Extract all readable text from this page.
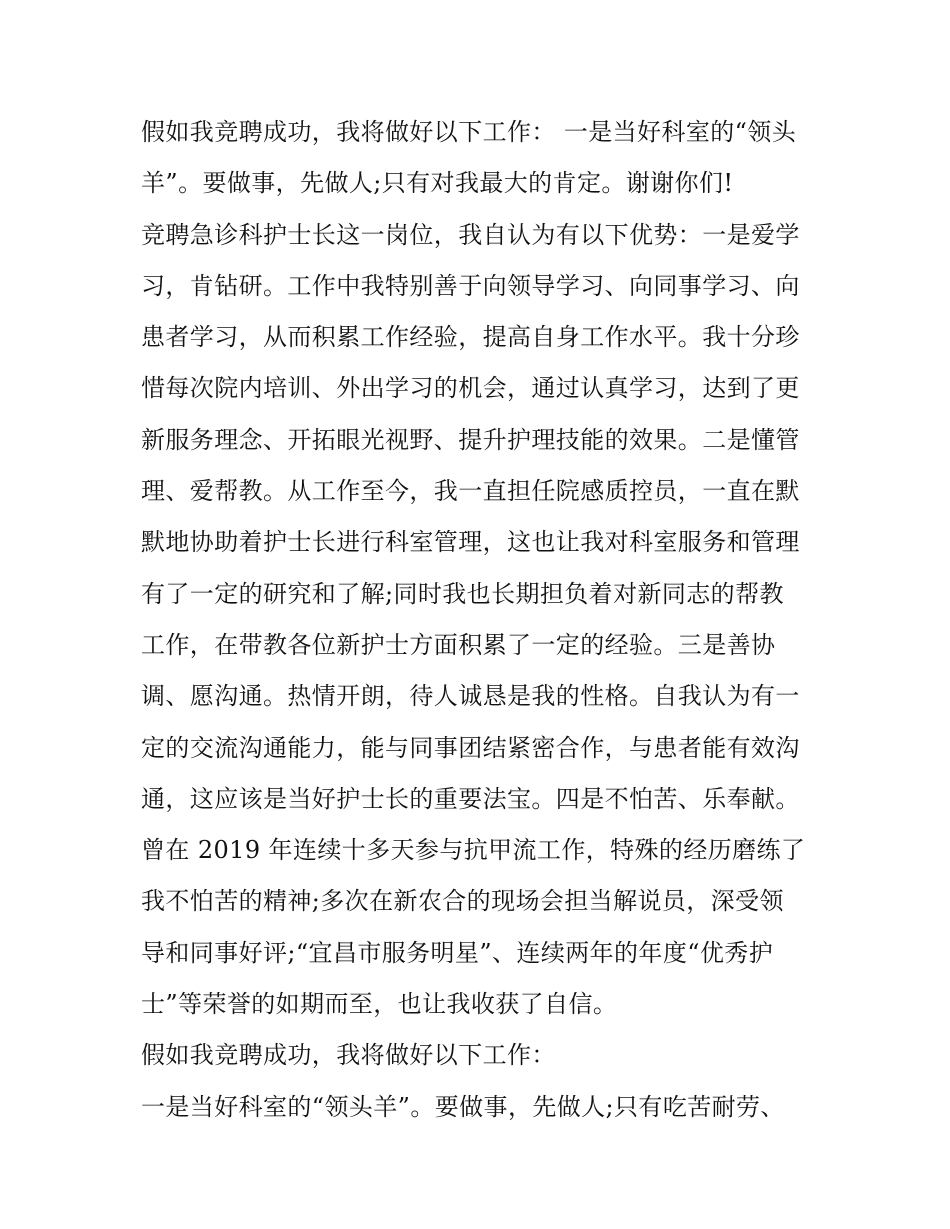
假如我竞聘成功，我将做好以下工作： 一是当好科室的“领头
羊”。要做事，先做人;只有对我最大的肯定。谢谢你们!
竞聘急诊科护士长这一岗位，我自认为有以下优势：一是爱学
习，肯钻研。工作中我特别善于向领导学习、向同事学习、向
患者学习，从而积累工作经验，提高自身工作水平。我十分珍
惜每次院内培训、外出学习的机会，通过认真学习，达到了更
新服务理念、开拓眼光视野、提升护理技能的效果。二是懂管
理、爱帮教。从工作至今，我一直担任院感质控员，一直在默
默地协助着护士长进行科室管理，这也让我对科室服务和管理
有了一定的研究和了解;同时我也长期担负着对新同志的帮教
工作，在带教各位新护士方面积累了一定的经验。三是善协
调、愿沟通。热情开朗，待人诚恳是我的性格。自我认为有一
定的交流沟通能力，能与同事团结紧密合作，与患者能有效沟
通，这应该是当好护士长的重要法宝。四是不怕苦、乐奉献。
曾在 2019 年连续十多天参与抗甲流工作，特殊的经历磨练了
我不怕苦的精神;多次在新农合的现场会担当解说员，深受领
导和同事好评;“宜昌市服务明星”、连续两年的年度“优秀护
士”等荣誉的如期而至，也让我收获了自信。
假如我竞聘成功，我将做好以下工作：
一是当好科室的“领头羊”。要做事，先做人;只有吃苦耐劳、
